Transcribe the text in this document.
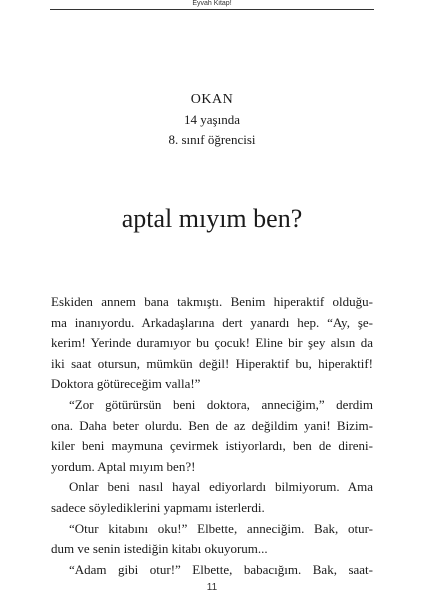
Eyvah Kitap!
OKAN
14 yaşında
8. sınıf öğrencisi
aptal mıyım ben?

Eskiden annem bana takmıştı. Benim hiperaktif olduğu-

ma inanıyordu. Arkadaşlarına dert yanardı hep. “Ay, şe-

kerim! Yerinde duramıyor bu çocuk! Eline bir şey alsın da

iki saat otursun, mümkün değil! Hiperaktif bu, hiperaktif!

Doktora götüreceğim valla!”

“Zor götürürsün beni doktora, anneciğim,” derdim

ona. Daha beter olurdu. Ben de az değildim yani! Bizim-

kiler beni maymuna çevirmek istiyorlardı, ben de direni-

yordum. Aptal mıyım ben?!

Onlar beni nasıl hayal ediyorlardı bilmiyorum. Ama

sadece söylediklerini yapmamı isterlerdi.

“Otur kitabını oku!” Elbette, anneciğim. Bak, otur-

dum ve senin istediğin kitabı okuyorum...

“Adam gibi otur!” Elbette, babacığım. Bak, saat-

11
